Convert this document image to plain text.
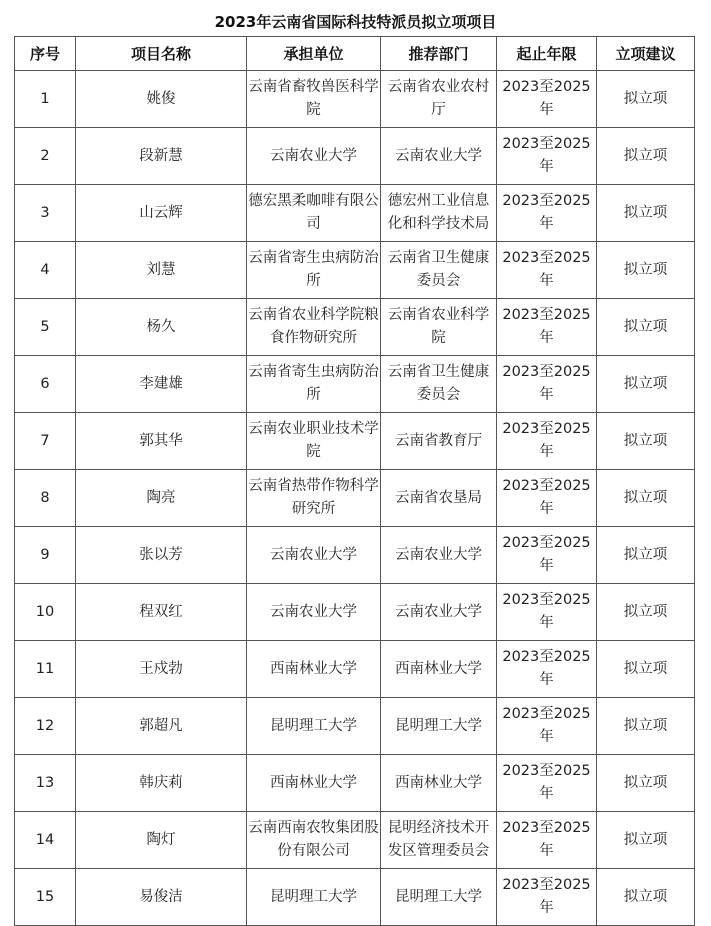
2023年云南省国际科技特派员拟立项项目
序号	项目名称	承担单位	推荐部门	起止年限	立项建议
1	姚俊	云南省畜牧兽医科学院	云南省农业农村厅	2023至2025年	拟立项
2	段新慧	云南农业大学	云南农业大学	2023至2025年	拟立项
3	山云辉	德宏黑柔咖啡有限公司	德宏州工业信息化和科学技术局	2023至2025年	拟立项
4	刘慧	云南省寄生虫病防治所	云南省卫生健康委员会	2023至2025年	拟立项
5	杨久	云南省农业科学院粮食作物研究所	云南省农业科学院	2023至2025年	拟立项
6	李建雄	云南省寄生虫病防治所	云南省卫生健康委员会	2023至2025年	拟立项
7	郭其华	云南农业职业技术学院	云南省教育厅	2023至2025年	拟立项
8	陶亮	云南省热带作物科学研究所	云南省农垦局	2023至2025年	拟立项
9	张以芳	云南农业大学	云南农业大学	2023至2025年	拟立项
10	程双红	云南农业大学	云南农业大学	2023至2025年	拟立项
11	王戍勃	西南林业大学	西南林业大学	2023至2025年	拟立项
12	郭超凡	昆明理工大学	昆明理工大学	2023至2025年	拟立项
13	韩庆莉	西南林业大学	西南林业大学	2023至2025年	拟立项
14	陶灯	云南西南农牧集团股份有限公司	昆明经济技术开发区管理委员会	2023至2025年	拟立项
15	易俊洁	昆明理工大学	昆明理工大学	2023至2025年	拟立项
